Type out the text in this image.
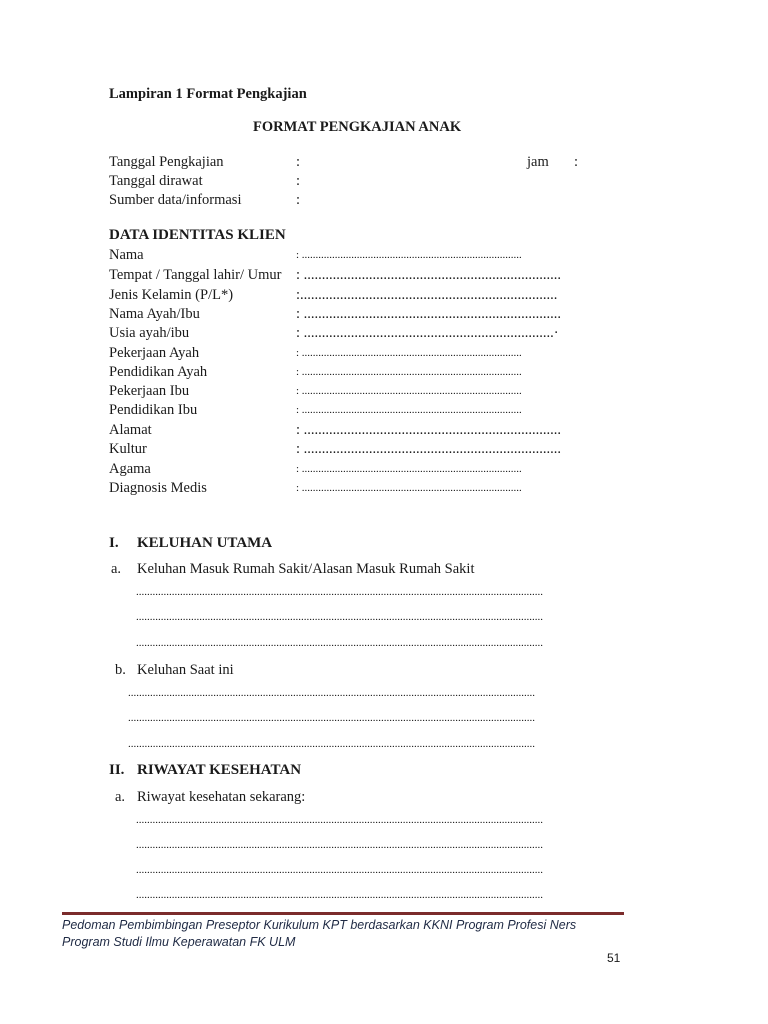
Lampiran 1 Format Pengkajian
FORMAT PENGKAJIAN ANAK
Tanggal Pengkajian	:	jam :
Tanggal dirawat	:
Sumber data/informasi	:
DATA IDENTITAS KLIEN
Nama	: ................................................................................
Tempat / Tanggal lahir/ Umur : .......................................................................
Jenis Kelamin (P/L*)	:.......................................................................
Nama Ayah/Ibu	: .......................................................................
Usia ayah/ibu	: .....................................................................·
Pekerjaan Ayah	: ................................................................................
Pendidikan Ayah	: ................................................................................
Pekerjaan Ibu	: ................................................................................
Pendidikan Ibu	: ................................................................................
Alamat	: .......................................................................
Kultur	: .......................................................................
Agama	: ................................................................................
Diagnosis Medis	: ................................................................................
I. KELUHAN UTAMA
a. Keluhan Masuk Rumah Sakit/Alasan Masuk Rumah Sakit
....................................................................................................................................................
....................................................................................................................................................
....................................................................................................................................................
b. Keluhan Saat ini
....................................................................................................................................................
....................................................................................................................................................
....................................................................................................................................................
II. RIWAYAT KESEHATAN
a. Riwayat kesehatan sekarang:
....................................................................................................................................................
....................................................................................................................................................
....................................................................................................................................................
....................................................................................................................................................
Pedoman Pembimbingan Preseptor Kurikulum KPT berdasarkan KKNI Program Profesi Ners
Program Studi Ilmu Keperawatan FK ULM
51
